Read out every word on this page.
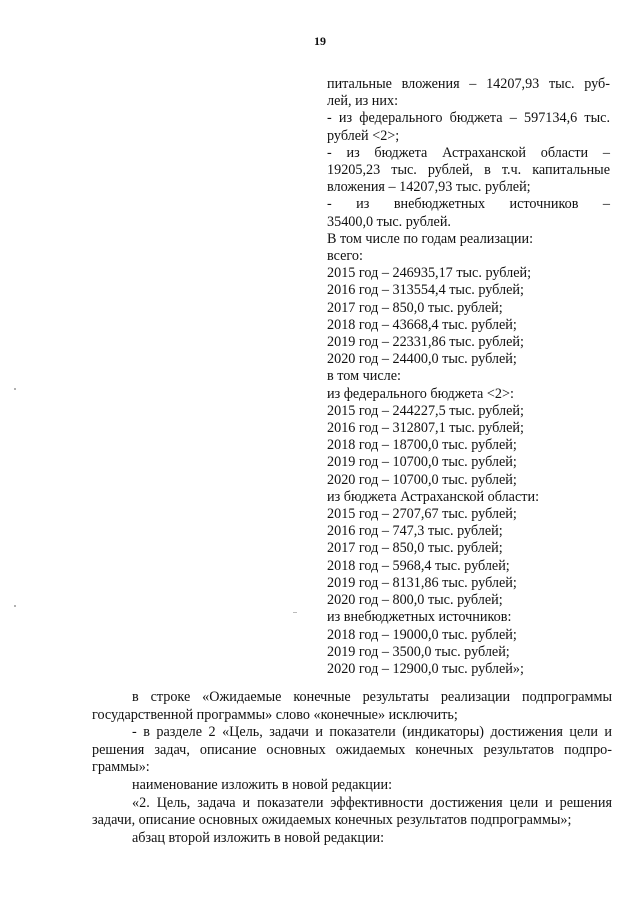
19
питальные вложения – 14207,93 тыс. руб-
лей, из них:
- из федерального бюджета – 597134,6 тыс.
рублей <2>;
- из бюджета Астраханской области –
19205,23 тыс. рублей, в т.ч. капитальные
вложения – 14207,93 тыс. рублей;
- из внебюджетных источников –
35400,0 тыс. рублей.
В том числе по годам реализации:
всего:
2015 год – 246935,17 тыс. рублей;
2016 год – 313554,4 тыс. рублей;
2017 год – 850,0 тыс. рублей;
2018 год – 43668,4 тыс. рублей;
2019 год – 22331,86 тыс. рублей;
2020 год – 24400,0 тыс. рублей;
в том числе:
из федерального бюджета <2>:
2015 год – 244227,5 тыс. рублей;
2016 год – 312807,1 тыс. рублей;
2018 год – 18700,0 тыс. рублей;
2019 год – 10700,0 тыс. рублей;
2020 год – 10700,0 тыс. рублей;
из бюджета Астраханской области:
2015 год – 2707,67 тыс. рублей;
2016 год – 747,3 тыс. рублей;
2017 год – 850,0 тыс. рублей;
2018 год – 5968,4 тыс. рублей;
2019 год – 8131,86 тыс. рублей;
2020 год – 800,0 тыс. рублей;
из внебюджетных источников:
2018 год – 19000,0 тыс. рублей;
2019 год – 3500,0 тыс. рублей;
2020 год – 12900,0 тыс. рублей»;

в строке «Ожидаемые конечные результаты реализации подпрограммы

государственной программы» слово «конечные» исключить;

- в разделе 2 «Цель, задачи и показатели (индикаторы) достижения цели и

решения задач, описание основных ожидаемых конечных результатов подпро-

граммы»:

наименование изложить в новой редакции:

«2. Цель, задача и показатели эффективности достижения цели и решения

задачи, описание основных ожидаемых конечных результатов подпрограммы»;

абзац второй изложить в новой редакции:
